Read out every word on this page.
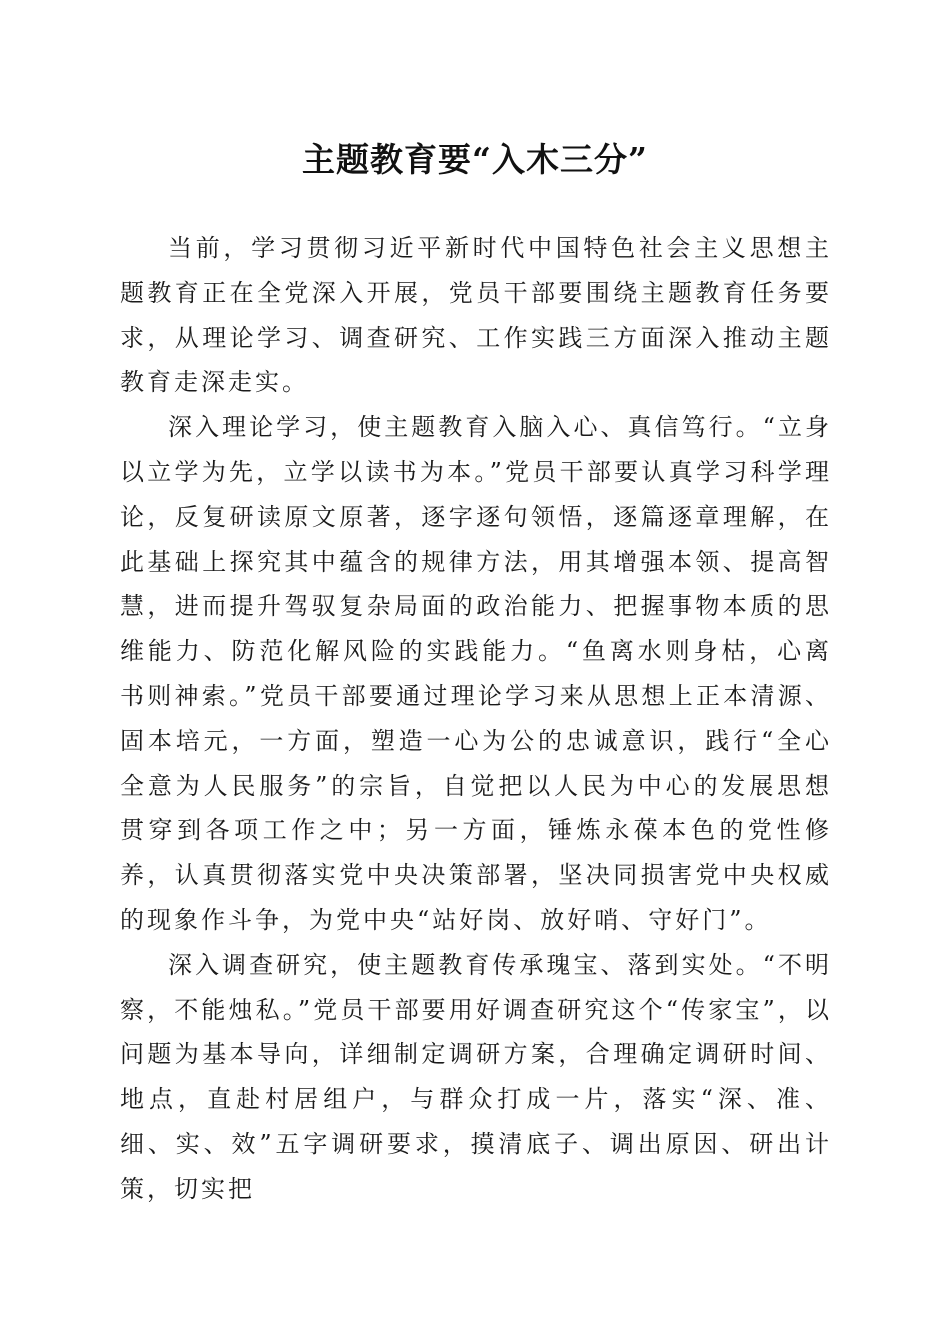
主题教育要“入木三分”

当前，学习贯彻习近平新时代中国特色社会主义思想主题教育正在全党深入开展，党员干部要围绕主题教育任务要求，从理论学习、调查研究、工作实践三方面深入推动主题教育走深走实。

深入理论学习，使主题教育入脑入心、真信笃行。“立身以立学为先，立学以读书为本。”党员干部要认真学习科学理论，反复研读原文原著，逐字逐句领悟，逐篇逐章理解，在此基础上探究其中蕴含的规律方法，用其增强本领、提高智慧，进而提升驾驭复杂局面的政治能力、把握事物本质的思维能力、防范化解风险的实践能力。“鱼离水则身枯，心离书则神索。”党员干部要通过理论学习来从思想上正本清源、固本培元，一方面，塑造一心为公的忠诚意识，践行“全心全意为人民服务”的宗旨，自觉把以人民为中心的发展思想贯穿到各项工作之中；另一方面，锤炼永葆本色的党性修养，认真贯彻落实党中央决策部署，坚决同损害党中央权威的现象作斗争，为党中央“站好岗、放好哨、守好门”。

深入调查研究，使主题教育传承瑰宝、落到实处。“不明察，不能烛私。”党员干部要用好调查研究这个“传家宝”，以问题为基本导向，详细制定调研方案，合理确定调研时间、地点，直赴村居组户，与群众打成一片，落实“深、准、细、实、效”五字调研要求，摸清底子、调出原因、研出计策，切实把
